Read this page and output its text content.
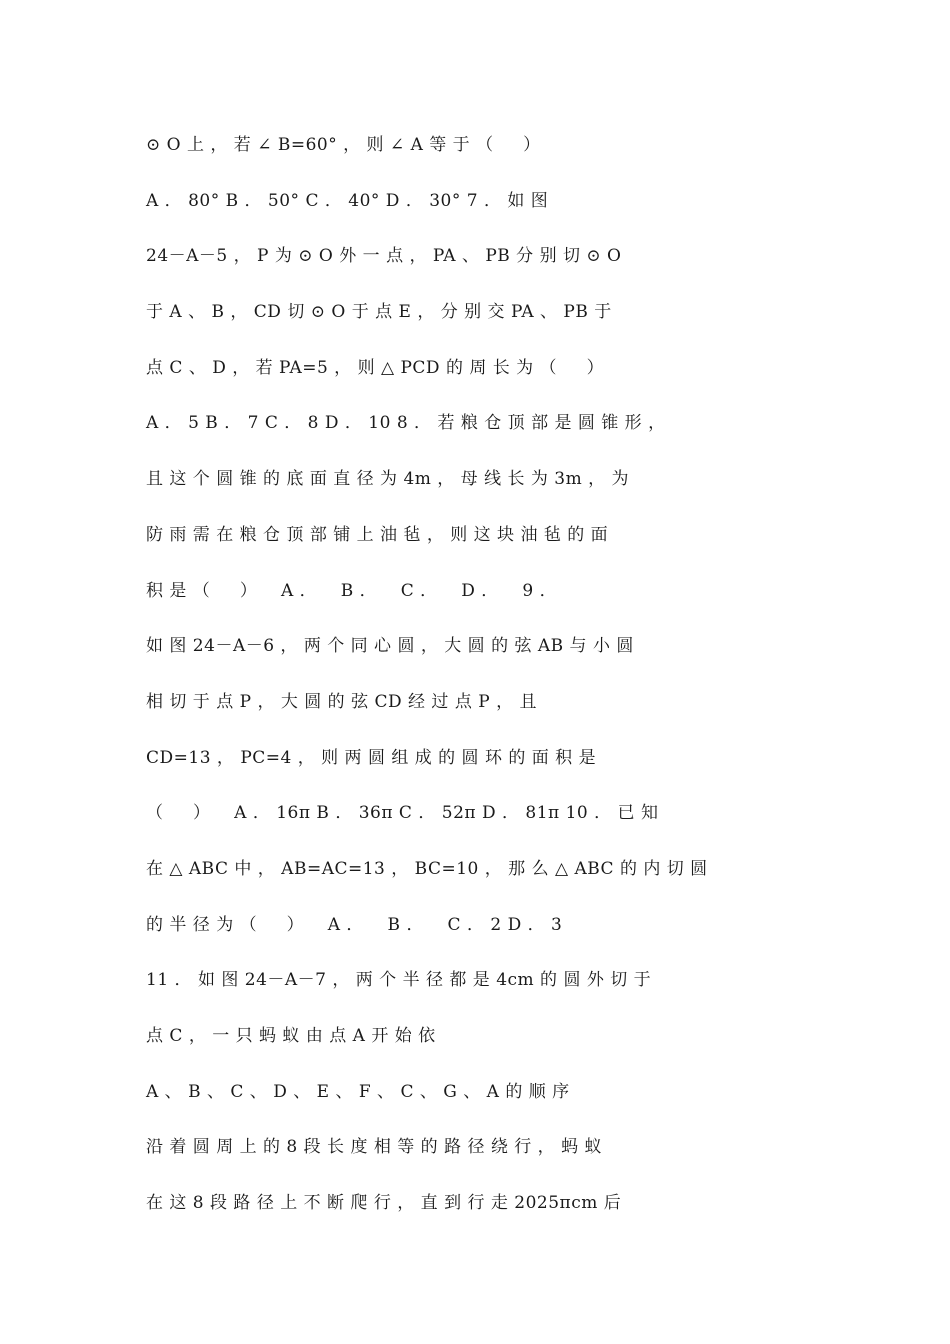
⊙ O 上 ， 若 ∠ B=60° ， 则 ∠ A 等 于 （     ）
A ． 80° B ． 50° C ． 40° D ． 30° 7 ． 如 图
24－A－5 ， P 为 ⊙ O 外 一 点 ， PA 、 PB 分 别 切 ⊙ O
于 A 、 B ， CD 切 ⊙ O 于 点 E ， 分 别 交 PA 、 PB 于
点 C 、 D ， 若 PA=5 ， 则 △ PCD 的 周 长 为 （     ）
A ． 5 B ． 7 C ． 8 D ． 10 8 ． 若 粮 仓 顶 部 是 圆 锥 形 ，
且 这 个 圆 锥 的 底 面 直 径 为 4m ， 母 线 长 为 3m ， 为
防 雨 需 在 粮 仓 顶 部 铺 上 油 毡 ， 则 这 块 油 毡 的 面
积 是 （     ）    A ．    B ．    C ．    D ．    9 ．
如 图 24－A－6 ， 两 个 同 心 圆 ， 大 圆 的 弦 AB 与 小 圆
相 切 于 点 P ， 大 圆 的 弦 CD 经 过 点 P ， 且
CD=13 ， PC=4 ， 则 两 圆 组 成 的 圆 环 的 面 积 是
（     ）    A ． 16π B ． 36π C ． 52π D ． 81π 10 ． 已 知
在 △ ABC 中 ， AB=AC=13 ， BC=10 ， 那 么 △ ABC 的 内 切 圆
的 半 径 为 （     ）    A ．    B ．    C ． 2 D ． 3
11 ． 如 图 24－A－7 ， 两 个 半 径 都 是 4cm 的 圆 外 切 于
点 C ， 一 只 蚂 蚁 由 点 A 开 始 依
A 、 B 、 C 、 D 、 E 、 F 、 C 、 G 、 A 的 顺 序
沿 着 圆 周 上 的 8 段 长 度 相 等 的 路 径 绕 行 ， 蚂 蚁
在 这 8 段 路 径 上 不 断 爬 行 ， 直 到 行 走 2025πcm 后
